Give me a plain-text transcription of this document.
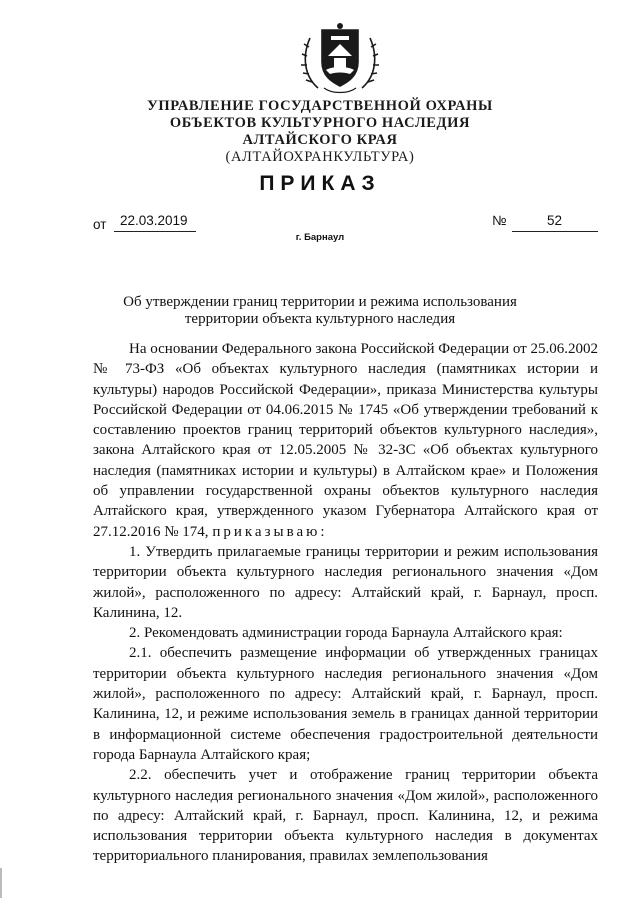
УПРАВЛЕНИЕ ГОСУДАРСТВЕННОЙ ОХРАНЫ
ОБЪЕКТОВ КУЛЬТУРНОГО НАСЛЕДИЯ
АЛТАЙСКОГО КРАЯ
(АЛТАЙОХРАНКУЛЬТУРА)
ПРИКАЗ
от 22.03.2019	№	52
г. Барнаул
Об утверждении границ территории и режима использования
территории объекта культурного наследия

На основании Федерального закона Российской Федерации от 25.06.2002 № 73-ФЗ «Об объектах культурного наследия (памятниках истории и культуры) народов Российской Федерации», приказа Министерства культуры Российской Федерации от 04.06.2015 № 1745 «Об утверждении требований к составлению проектов границ территорий объектов культурного наследия», закона Алтайского края от 12.05.2005 № 32-ЗС «Об объектах культурного наследия (памятниках истории и культуры) в Алтайском крае» и Положения об управлении государственной охраны объектов культурного наследия Алтайского края, утвержденного указом Губернатора Алтайского края от 27.12.2016 № 174, приказываю:

1. Утвердить прилагаемые границы территории и режим использования территории объекта культурного наследия регионального значения «Дом жилой», расположенного по адресу: Алтайский край, г. Барнаул, просп. Калинина, 12.

2. Рекомендовать администрации города Барнаула Алтайского края:

2.1. обеспечить размещение информации об утвержденных границах территории объекта культурного наследия регионального значения «Дом жилой», расположенного по адресу: Алтайский край, г. Барнаул, просп. Калинина, 12, и режиме использования земель в границах данной территории в информационной системе обеспечения градостроительной деятельности города Барнаула Алтайского края;

2.2. обеспечить учет и отображение границ территории объекта культурного наследия регионального значения «Дом жилой», расположенного по адресу: Алтайский край, г. Барнаул, просп. Калинина, 12, и режима использования территории объекта культурного наследия в документах территориального планирования, правилах землепользования
